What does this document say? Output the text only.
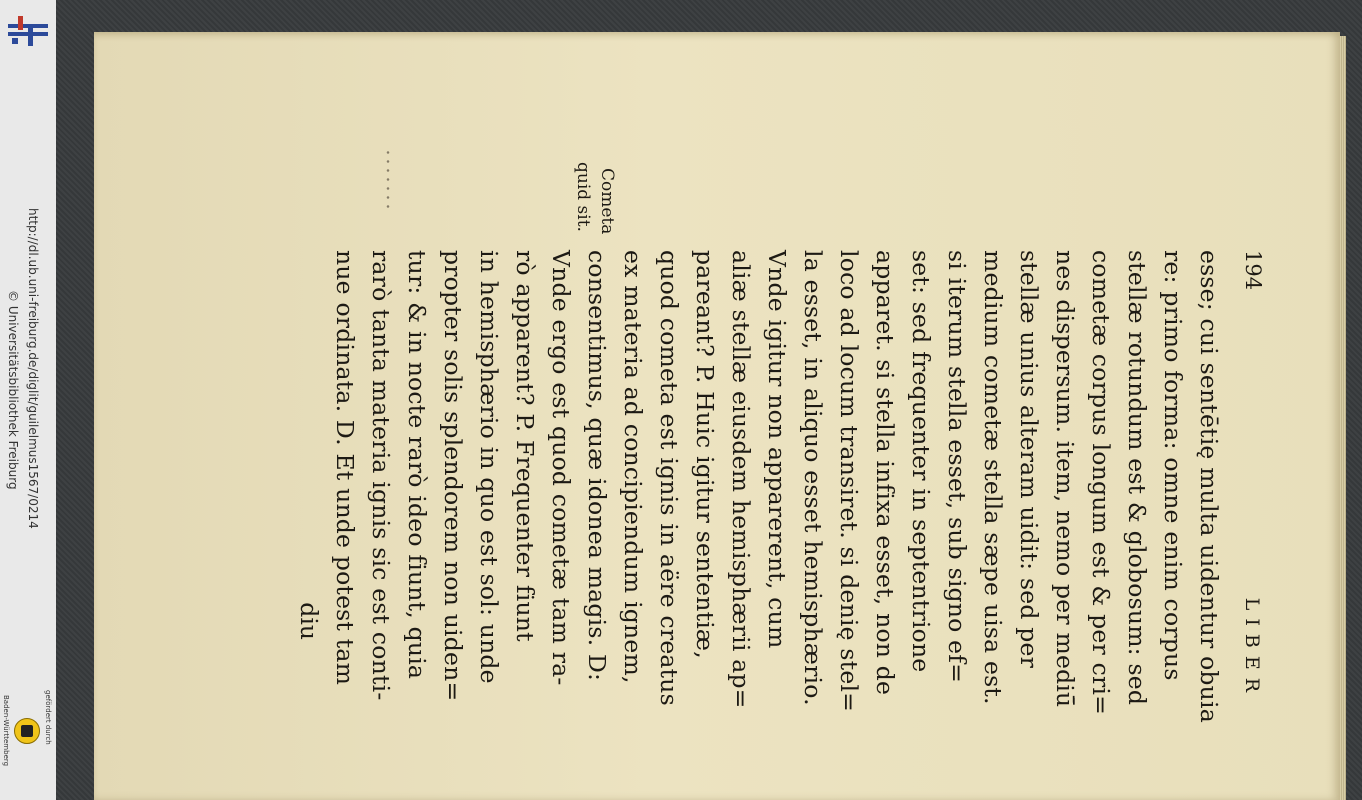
http://dl.ub.uni-freiburg.de/diglit/guilelmus1567/0214
© Universitätsbibliothek Freiburg
gefördert durch
Baden-Württemberg
194
LIBER
esse; cui sentētię multa uidentur obuia
re: primo forma: omne enim corpus
stellæ rotundum est & globosum: sed
cometæ corpus longum est & per cri=
nes dispersum. item, nemo per mediū̄
stellæ unius alteram uidit: sed per
medium cometæ stella sæpe uisa est.
si iterum stella esset, sub signo ef=
set: sed frequenter in septentrione
apparet. si stella infixa esset, non de
loco ad locum transiret. si denię stel=
la esset, in aliquo esset hemisphærio.
Vnde igitur non apparerent, cum
aliæ stellæ eiusdem hemisphærii ap=
pareant? P. Huic igitur sententiæ,
quod cometa est ignis in aëre creatus
ex materia ad concipiendum ignem,
consentimus, quæ idonea magis. D:
Vnde ergo est quod cometæ tam ra-
rò apparent? P. Frequenter fiunt
in hemisphærio in quo est sol: unde
propter solis splendorem non uiden=
tur: & in nocte rarò ideo fiunt, quia
rarò tanta materia ignis sic est conti-
nue ordinata. D. Et unde potest tam
diu
Cometa
quid sit.
